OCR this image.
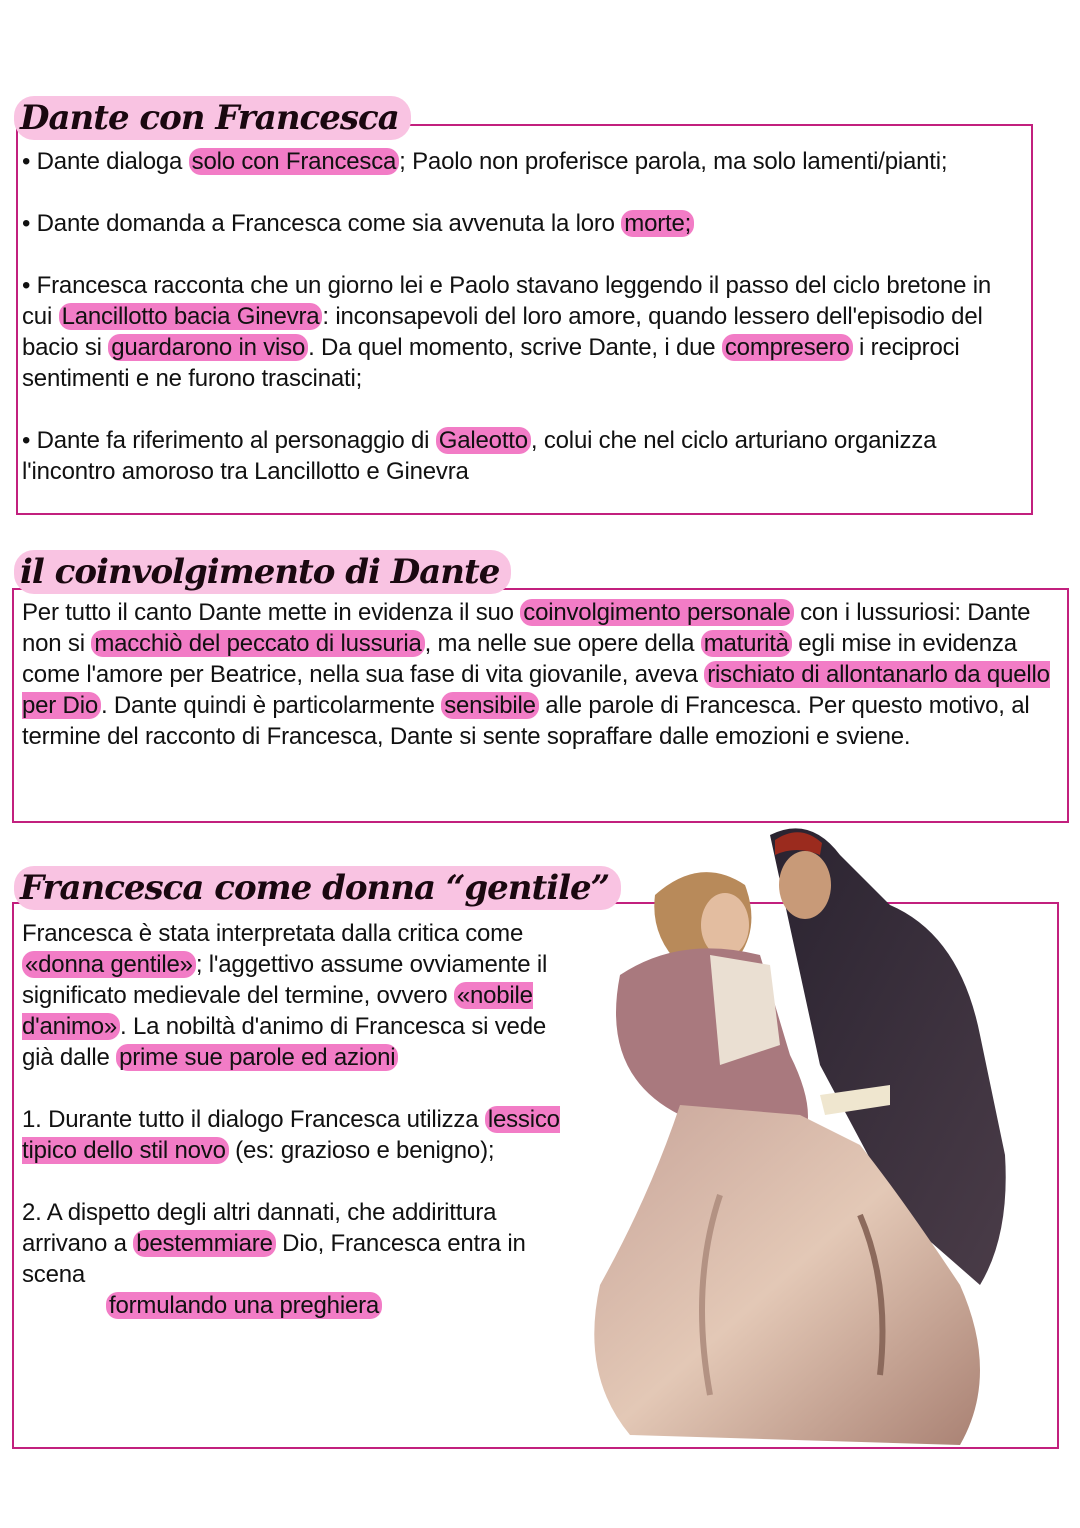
Dante con Francesca

• Dante dialoga solo con Francesca ; Paolo non proferisce parola, ma solo lamenti/pianti;

• Dante domanda a Francesca come sia avvenuta la loro morte;

• Francesca racconta che un giorno lei e Paolo stavano leggendo il passo del ciclo bretone in cui Lancillotto bacia Ginevra : inconsapevoli del loro amore, quando lessero dell'episodio del bacio si guardarono in viso . Da quel momento, scrive Dante, i due compresero i reciproci sentimenti e ne furono trascinati;

• Dante fa riferimento al personaggio di Galeotto , colui che nel ciclo arturiano organizza l'incontro amoroso tra Lancillotto e Ginevra

il coinvolgimento di Dante

Per tutto il canto Dante mette in evidenza il suo coinvolgimento personale con i lussuriosi: Dante non si macchiò del peccato di lussuria , ma nelle sue opere della maturità egli mise in evidenza come l'amore per Beatrice, nella sua fase di vita giovanile, aveva rischiato di allontanarlo da quello per Dio . Dante quindi è particolarmente sensibile alle parole di Francesca. Per questo motivo, al termine del racconto di Francesca, Dante si sente sopraffare dalle emozioni e sviene.

Francesca come donna “gentile”

Francesca è stata interpretata dalla critica come «donna gentile» ; l'aggettivo assume ovviamente il significato medievale del termine, ovvero «nobile d'animo» . La nobiltà d'animo di Francesca si vede già dalle prime sue parole ed azioni

1. Durante tutto il dialogo Francesca utilizza lessico tipico dello stil novo (es: grazioso e benigno);

2. A dispetto degli altri dannati, che addirittura arrivano a bestemmiare Dio, Francesca entra in scena

formulando una preghiera
